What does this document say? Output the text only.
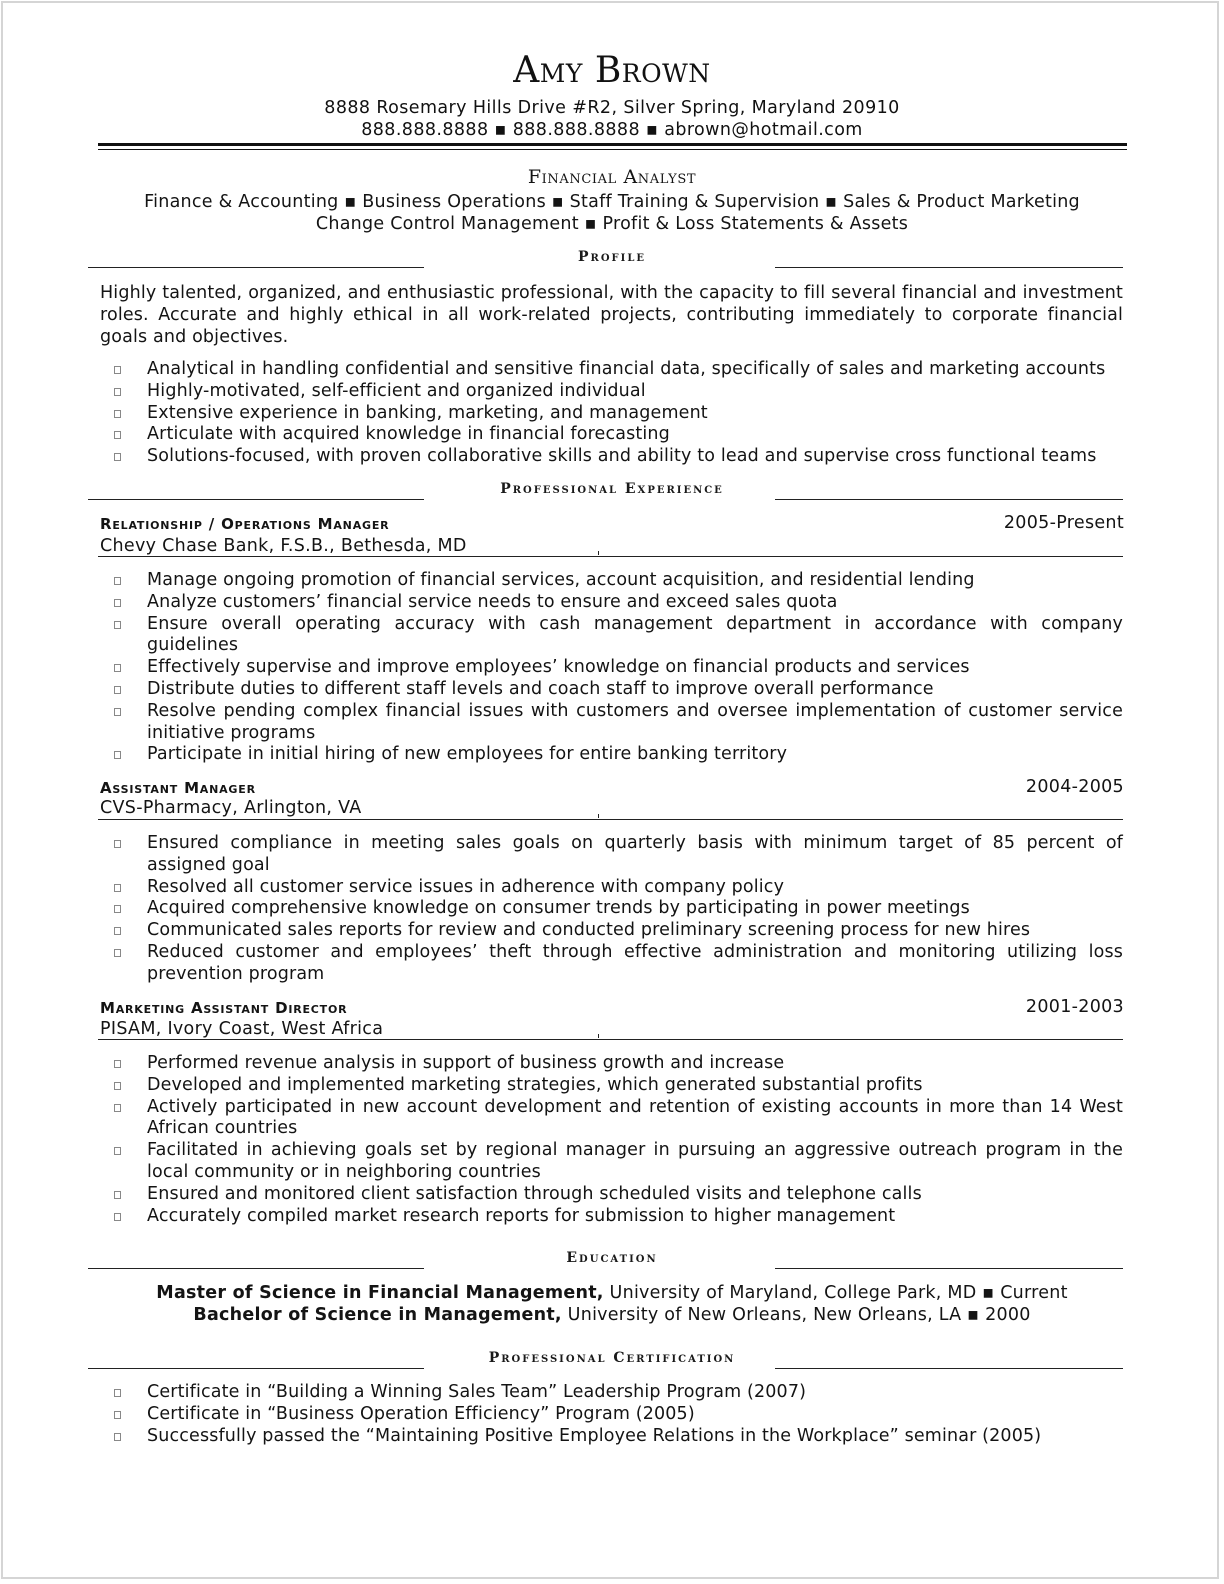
Amy Brown
8888 Rosemary Hills Drive #R2, Silver Spring, Maryland 20910
888.888.8888 ▪ 888.888.8888 ▪ abrown@hotmail.com
Financial Analyst
Finance & Accounting ▪ Business Operations ▪ Staff Training & Supervision ▪ Sales & Product Marketing
Change Control Management ▪ Profit & Loss Statements & Assets
Profile
Highly talented, organized, and enthusiastic professional, with the capacity to fill several financial and investment roles. Accurate and highly ethical in all work-related projects, contributing immediately to corporate financial goals and objectives.
Analytical in handling confidential and sensitive financial data, specifically of sales and marketing accounts
Highly-motivated, self-efficient and organized individual
Extensive experience in banking, marketing, and management
Articulate with acquired knowledge in financial forecasting
Solutions-focused, with proven collaborative skills and ability to lead and supervise cross functional teams
Professional Experience
Relationship / Operations Manager	2005-Present
Chevy Chase Bank, F.S.B., Bethesda, MD
Manage ongoing promotion of financial services, account acquisition, and residential lending
Analyze customers’ financial service needs to ensure and exceed sales quota
Ensure overall operating accuracy with cash management department in accordance with company guidelines
Effectively supervise and improve employees’ knowledge on financial products and services
Distribute duties to different staff levels and coach staff to improve overall performance
Resolve pending complex financial issues with customers and oversee implementation of customer service initiative programs
Participate in initial hiring of new employees for entire banking territory
Assistant Manager	2004-2005
CVS-Pharmacy, Arlington, VA
Ensured compliance in meeting sales goals on quarterly basis with minimum target of 85 percent of assigned goal
Resolved all customer service issues in adherence with company policy
Acquired comprehensive knowledge on consumer trends by participating in power meetings
Communicated sales reports for review and conducted preliminary screening process for new hires
Reduced customer and employees’ theft through effective administration and monitoring utilizing loss prevention program
Marketing Assistant Director	2001-2003
PISAM, Ivory Coast, West Africa
Performed revenue analysis in support of business growth and increase
Developed and implemented marketing strategies, which generated substantial profits
Actively participated in new account development and retention of existing accounts in more than 14 West African countries
Facilitated in achieving goals set by regional manager in pursuing an aggressive outreach program in the local community or in neighboring countries
Ensured and monitored client satisfaction through scheduled visits and telephone calls
Accurately compiled market research reports for submission to higher management
Education
Master of Science in Financial Management, University of Maryland, College Park, MD ▪ Current
Bachelor of Science in Management, University of New Orleans, New Orleans, LA ▪ 2000
Professional Certification
Certificate in “Building a Winning Sales Team” Leadership Program (2007)
Certificate in “Business Operation Efficiency” Program (2005)
Successfully passed the “Maintaining Positive Employee Relations in the Workplace” seminar (2005)
